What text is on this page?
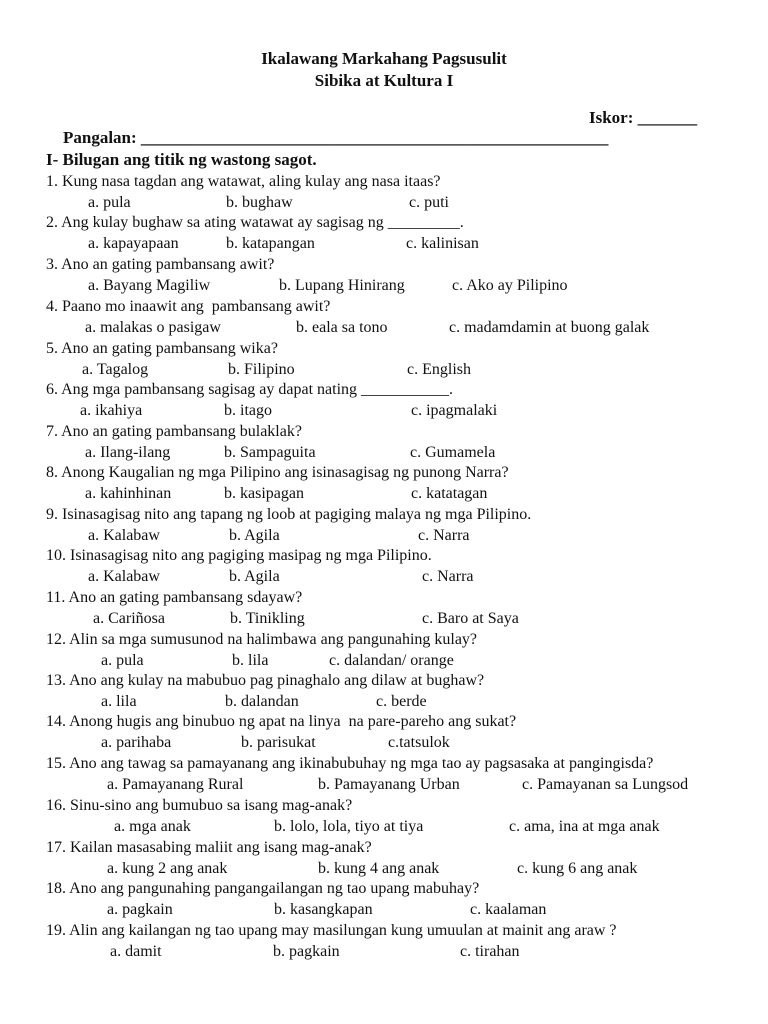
Ikalawang Markahang Pagsusulit
Sibika at Kultura I

Pangalan: _______________________________________________________

Iskor: _______

I- Bilugan ang titik ng wastong sagot.
1. Kung nasa tagdan ang watawat, aling kulay ang nasa itaas?
a. pula	b. bughaw	c. puti
2. Ang kulay bughaw sa ating watawat ay sagisag ng _________.
a. kapayapaan	b. katapangan	c. kalinisan
3. Ano an gating pambansang awit?
a. Bayang Magiliw	b. Lupang Hinirang	c. Ako ay Pilipino
4. Paano mo inaawit ang  pambansang awit?
a. malakas o pasigaw	b. eala sa tono	c. madamdamin at buong galak
5. Ano an gating pambansang wika?
a. Tagalog	b. Filipino	c. English
6. Ang mga pambansang sagisag ay dapat nating ___________.
a. ikahiya	b. itago	c. ipagmalaki
7. Ano an gating pambansang bulaklak?
a. Ilang-ilang	b. Sampaguita	c. Gumamela
8. Anong Kaugalian ng mga Pilipino ang isinasagisag ng punong Narra?
a. kahinhinan	b. kasipagan	c. katatagan
9. Isinasagisag nito ang tapang ng loob at pagiging malaya ng mga Pilipino.
a. Kalabaw	b. Agila	c. Narra
10. Isinasagisag nito ang pagiging masipag ng mga Pilipino.
a. Kalabaw	b. Agila	c. Narra
11. Ano an gating pambansang sdayaw?
a. Cariñosa	b. Tinikling	c. Baro at Saya
12. Alin sa mga sumusunod na halimbawa ang pangunahing kulay?
a. pula	b. lila	c. dalandan/ orange
13. Ano ang kulay na mabubuo pag pinaghalo ang dilaw at bughaw?
a. lila	b. dalandan	c. berde
14. Anong hugis ang binubuo ng apat na linya  na pare-pareho ang sukat?
a. parihaba	b. parisukat	c.tatsulok
15. Ano ang tawag sa pamayanang ang ikinabubuhay ng mga tao ay pagsasaka at pangingisda?
a. Pamayanang Rural	b. Pamayanang Urban	c. Pamayanan sa Lungsod
16. Sinu-sino ang bumubuo sa isang mag-anak?
a. mga anak	b. lolo, lola, tiyo at tiya	c. ama, ina at mga anak
17. Kailan masasabing maliit ang isang mag-anak?
a. kung 2 ang anak	b. kung 4 ang anak	c. kung 6 ang anak
18. Ano ang pangunahing pangangailangan ng tao upang mabuhay?
a. pagkain	b. kasangkapan	c. kaalaman
19. Alin ang kailangan ng tao upang may masilungan kung umuulan at mainit ang araw ?
a. damit	b. pagkain	c. tirahan
